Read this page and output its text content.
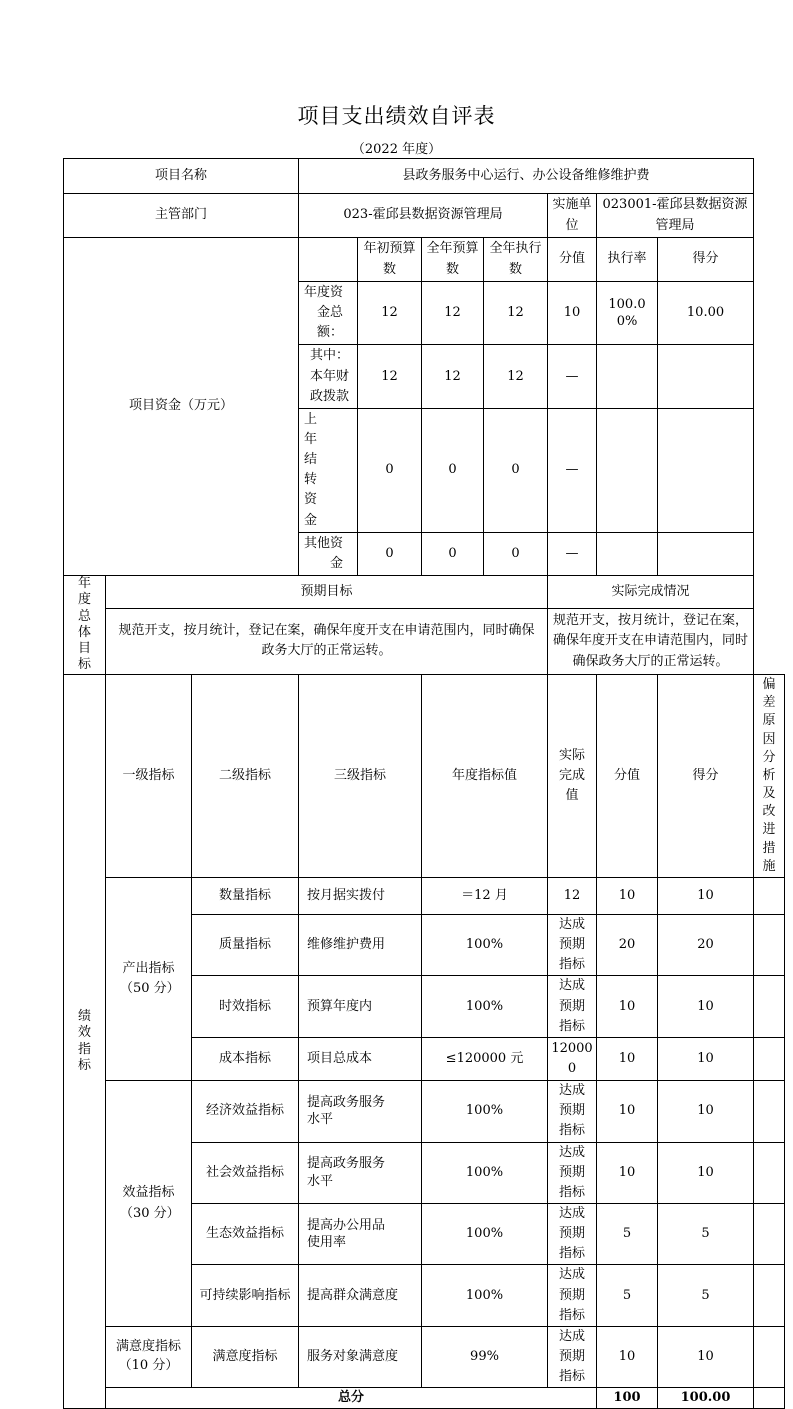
项目支出绩效自评表
（2022 年度）
项目名称			县政务服务中心运行、办公设备维修维护费							
主管部门			023-霍邱县数据资源管理局				实施单位	023001-霍邱县数据资源管理局		
项目资金（万元）				年初预算数	全年预算数	全年执行数	分值	执行率	得分	
			年度资金总额：	12	12	12	10	100.00%	10.00	
			其中：本年财政拨款	12	12	12	—			
			上年结转资金	0	0	0	—			
			其他资金	0	0	0	—			
年度总体目标	预期目标						实际完成情况			
	规范开支，按月统计，登记在案，确保年度开支在申请范围内，同时确保政务大厅的正常运转。						规范开支，按月统计，登记在案，确保年度开支在申请范围内，同时确保政务大厅的正常运转。			
绩效指标	一级指标	二级指标	三级指标		年度指标值		实际完成值	分值	得分	偏差原因分析及改进措施
	产出指标（50 分）	数量指标	按月据实拨付		＝12 月		12	10	10	
		质量指标	维修维护费用		100%		达成预期指标	20	20	
		时效指标	预算年度内		100%		达成预期指标	10	10	
		成本指标	项目总成本		≤120000 元		120000	10	10	
	效益指标（30 分）	经济效益指标	提高政务服务水平		100%		达成预期指标	10	10	
		社会效益指标	提高政务服务水平		100%		达成预期指标	10	10	
		生态效益指标	提高办公用品使用率		100%		达成预期指标	5	5	
		可持续影响指标	提高群众满意度		100%		达成预期指标	5	5	
	满意度指标（10 分）	满意度指标	服务对象满意度		99%		达成预期指标	10	10	
	总分							100	100.00	
